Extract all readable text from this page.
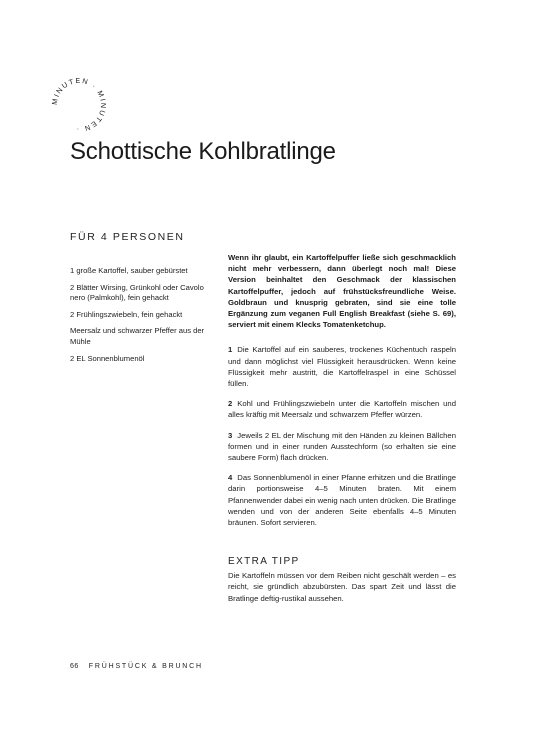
MINUTEN · MINUTEN ·
Schottische Kohlbratlinge
FÜR 4 PERSONEN
1 große Kartoffel, sauber gebürstet
2 Blätter Wirsing, Grünkohl oder Cavolo nero (Palmkohl), fein gehackt
2 Frühlingszwiebeln, fein gehackt
Meersalz und schwarzer Pfeffer aus der Mühle
2 EL Sonnenblumenöl

Wenn ihr glaubt, ein Kartoffelpuffer ließe sich geschmacklich nicht mehr verbessern, dann überlegt noch mal! Diese Version beinhaltet den Geschmack der klassischen Kartoffelpuffer, jedoch auf frühstücksfreundliche Weise. Goldbraun und knusprig gebraten, sind sie eine tolle Ergänzung zum veganen Full English Breakfast (siehe S. 69), serviert mit einem Klecks Tomatenketchup.

1 Die Kartoffel auf ein sauberes, trockenes Küchentuch raspeln und dann möglichst viel Flüssigkeit herausdrücken. Wenn keine Flüssigkeit mehr austritt, die Kartoffelraspel in eine Schüssel füllen.

2 Kohl und Frühlingszwiebeln unter die Kartoffeln mischen und alles kräftig mit Meersalz und schwarzem Pfeffer würzen.

3 Jeweils 2 EL der Mischung mit den Händen zu kleinen Bällchen formen und in einer runden Ausstechform (so erhalten sie eine saubere Form) flach drücken.

4 Das Sonnenblumenöl in einer Pfanne erhitzen und die Bratlinge darin portionsweise 4–5 Minuten braten. Mit einem Pfannenwender dabei ein wenig nach unten drücken. Die Bratlinge wenden und von der anderen Seite ebenfalls 4–5 Minuten bräunen. Sofort servieren.

EXTRA TIPP

Die Kartoffeln müssen vor dem Reiben nicht geschält werden – es reicht, sie gründlich abzubürsten. Das spart Zeit und lässt die Bratlinge deftig-rustikal aussehen.

66 FRÜHSTÜCK & BRUNCH
